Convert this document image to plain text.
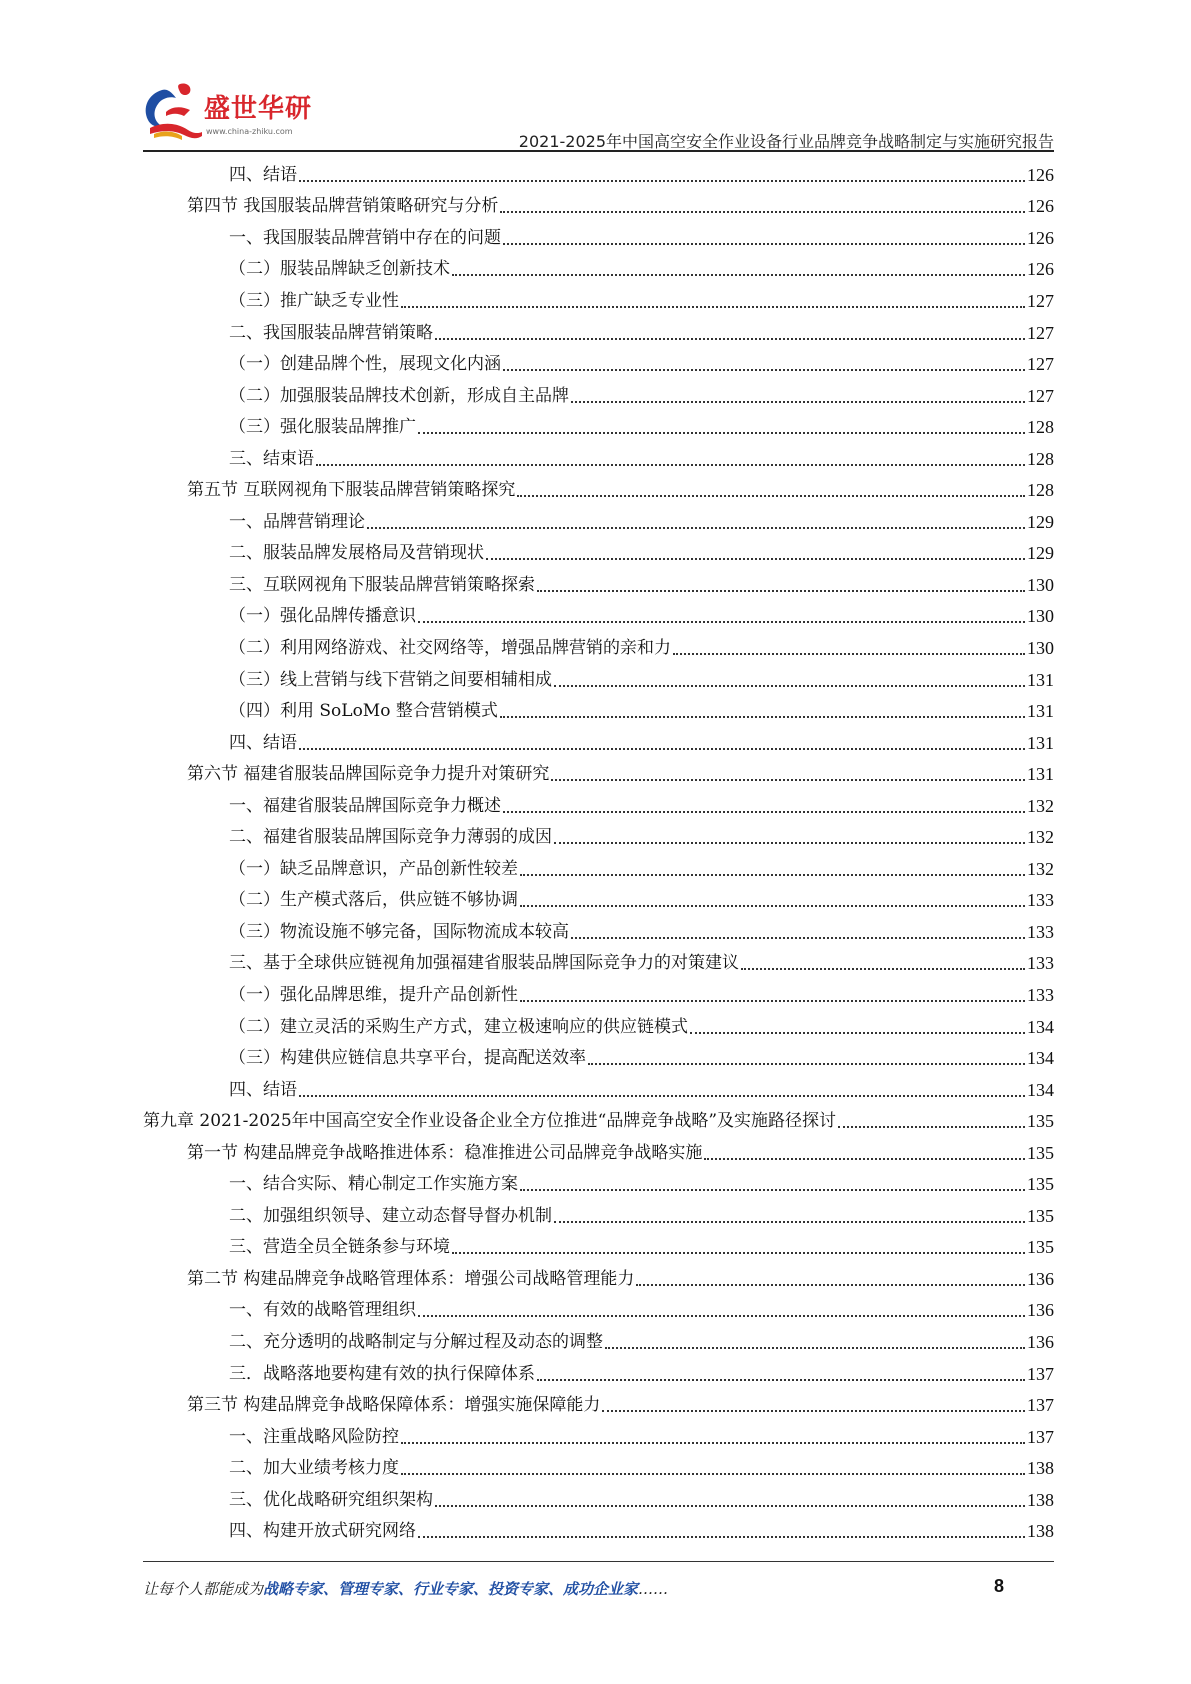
盛世华研
www.china-zhiku.com
2021-2025年中国高空安全作业设备行业品牌竞争战略制定与实施研究报告
四、结语	126
第四节 我国服装品牌营销策略研究与分析	126
一、我国服装品牌营销中存在的问题	126
（二）服装品牌缺乏创新技术	126
（三）推广缺乏专业性	127
二、我国服装品牌营销策略	127
（一）创建品牌个性，展现文化内涵	127
（二）加强服装品牌技术创新，形成自主品牌	127
（三）强化服装品牌推广	128
三、结束语	128
第五节 互联网视角下服装品牌营销策略探究	128
一、品牌营销理论	129
二、服装品牌发展格局及营销现状	129
三、互联网视角下服装品牌营销策略探索	130
（一）强化品牌传播意识	130
（二）利用网络游戏、社交网络等，增强品牌营销的亲和力	130
（三）线上营销与线下营销之间要相辅相成	131
（四）利用 SoLoMo 整合营销模式	131
四、结语	131
第六节 福建省服装品牌国际竞争力提升对策研究	131
一、福建省服装品牌国际竞争力概述	132
二、福建省服装品牌国际竞争力薄弱的成因	132
（一）缺乏品牌意识，产品创新性较差	132
（二）生产模式落后，供应链不够协调	133
（三）物流设施不够完备，国际物流成本较高	133
三、基于全球供应链视角加强福建省服装品牌国际竞争力的对策建议	133
（一）强化品牌思维，提升产品创新性	133
（二）建立灵活的采购生产方式，建立极速响应的供应链模式	134
（三）构建供应链信息共享平台，提高配送效率	134
四、结语	134
第九章 2021-2025年中国高空安全作业设备企业全方位推进“品牌竞争战略”及实施路径探讨	135
第一节 构建品牌竞争战略推进体系：稳准推进公司品牌竞争战略实施	135
一、结合实际、精心制定工作实施方案	135
二、加强组织领导、建立动态督导督办机制	135
三、营造全员全链条参与环境	135
第二节 构建品牌竞争战略管理体系：增强公司战略管理能力	136
一、有效的战略管理组织	136
二、充分透明的战略制定与分解过程及动态的调整	136
三．战略落地要构建有效的执行保障体系	137
第三节 构建品牌竞争战略保障体系：增强实施保障能力	137
一、注重战略风险防控	137
二、加大业绩考核力度	138
三、优化战略研究组织架构	138
四、构建开放式研究网络	138
让每个人都能成为战略专家、管理专家、行业专家、投资专家、成功企业家……	8
